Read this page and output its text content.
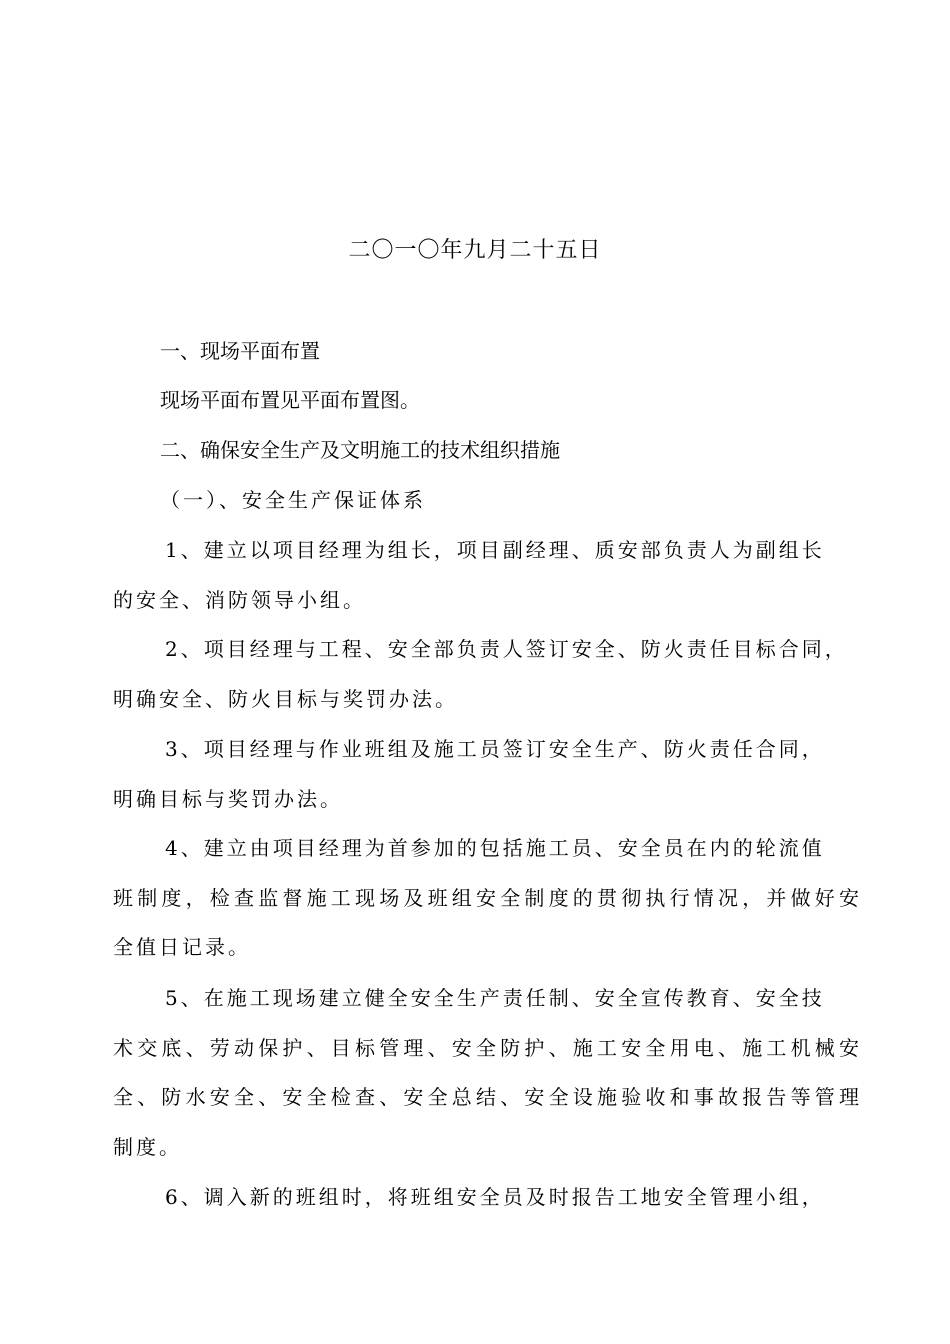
二〇一〇年九月二十五日
一、现场平面布置
现场平面布置见平面布置图。
二、确保安全生产及文明施工的技术组织措施
（一）、安全生产保证体系
1、建立以项目经理为组长，项目副经理、质安部负责人为副组长
的安全、消防领导小组。
2、项目经理与工程、安全部负责人签订安全、防火责任目标合同，
明确安全、防火目标与奖罚办法。
3、项目经理与作业班组及施工员签订安全生产、防火责任合同，
明确目标与奖罚办法。
4、建立由项目经理为首参加的包括施工员、安全员在内的轮流值
班制度，检查监督施工现场及班组安全制度的贯彻执行情况，并做好安
全值日记录。
5、在施工现场建立健全安全生产责任制、安全宣传教育、安全技
术交底、劳动保护、目标管理、安全防护、施工安全用电、施工机械安
全、防水安全、安全检查、安全总结、安全设施验收和事故报告等管理
制度。
6、调入新的班组时，将班组安全员及时报告工地安全管理小组，
